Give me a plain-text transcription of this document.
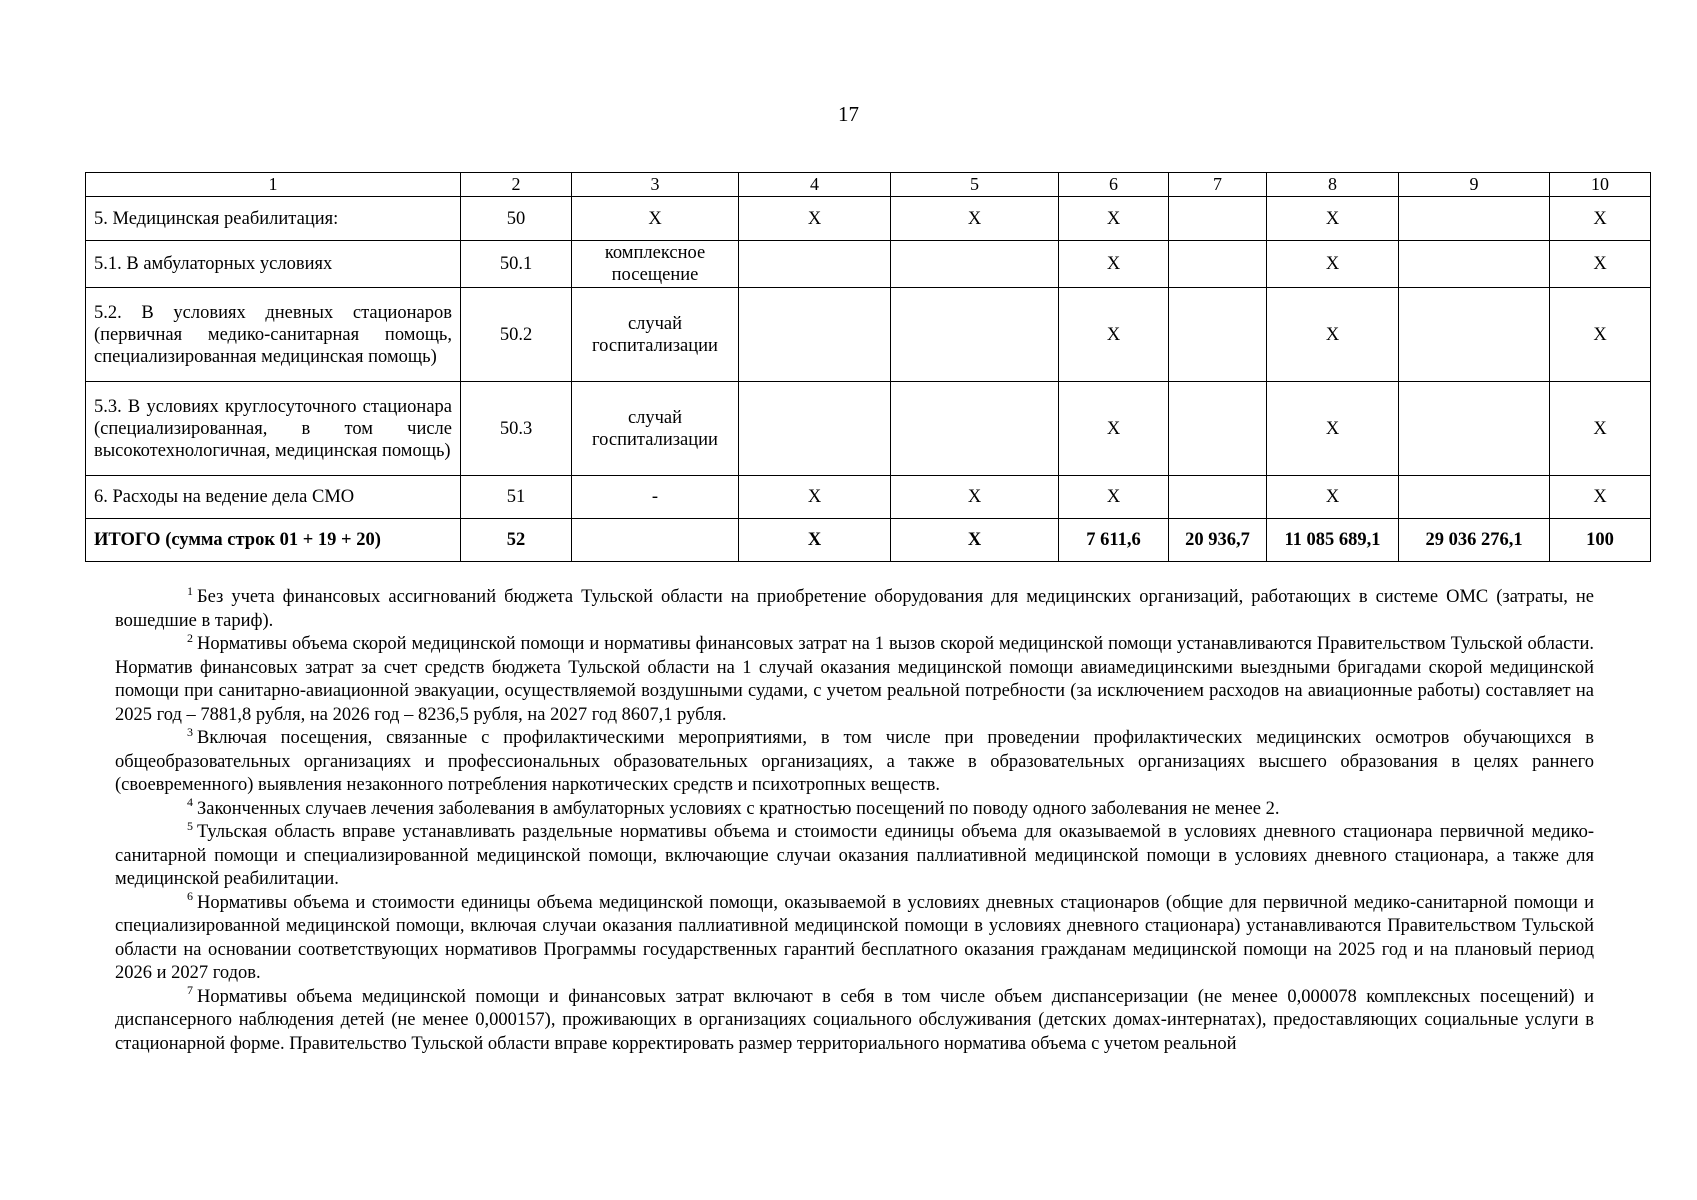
17
1	2	3	4	5	6	7	8	9	10
5. Медицинская реабилитация:	50	Х	Х	Х	Х		Х		Х
5.1. В амбулаторных условиях	50.1	комплексное посещение			Х		Х		Х
5.2. В условиях дневных стационаров (первичная медико-санитарная помощь, специализированная медицинская помощь)	50.2	случай госпитализации			Х		Х		Х
5.3. В условиях круглосуточного стационара (специализированная, в том числе высокотехнологичная, медицинская помощь)	50.3	случай госпитализации			Х		Х		Х
6. Расходы на ведение дела СМО	51	-	Х	Х	Х		Х		Х
ИТОГО (сумма строк 01 + 19 + 20)	52		Х	Х	7 611,6	20 936,7	11 085 689,1	29 036 276,1	100

$^1$ Без учета финансовых ассигнований бюджета Тульской области на приобретение оборудования для медицинских организаций, работающих в системе ОМС (затраты, не вошедшие в тариф).

$^2$ Нормативы объема скорой медицинской помощи и нормативы финансовых затрат на 1 вызов скорой медицинской помощи устанавливаются Правительством Тульской области. Норматив финансовых затрат за счет средств бюджета Тульской области на 1 случай оказания медицинской помощи авиамедицинскими выездными бригадами скорой медицинской помощи при санитарно-авиационной эвакуации, осуществляемой воздушными судами, с учетом реальной потребности (за исключением расходов на авиационные работы) составляет на 2025 год – 7881,8 рубля, на 2026 год – 8236,5 рубля, на 2027 год 8607,1 рубля.

$^3$ Включая посещения, связанные с профилактическими мероприятиями, в том числе при проведении профилактических медицинских осмотров обучающихся в общеобразовательных организациях и профессиональных образовательных организациях, а также в образовательных организациях высшего образования в целях раннего (своевременного) выявления незаконного потребления наркотических средств и психотропных веществ.

$^4$ Законченных случаев лечения заболевания в амбулаторных условиях с кратностью посещений по поводу одного заболевания не менее 2.

$^5$ Тульская область вправе устанавливать раздельные нормативы объема и стоимости единицы объема для оказываемой в условиях дневного стационара первичной медико-санитарной помощи и специализированной медицинской помощи, включающие случаи оказания паллиативной медицинской помощи в условиях дневного стационара, а также для медицинской реабилитации.

$^6$ Нормативы объема и стоимости единицы объема медицинской помощи, оказываемой в условиях дневных стационаров (общие для первичной медико-санитарной помощи и специализированной медицинской помощи, включая случаи оказания паллиативной медицинской помощи в условиях дневного стационара) устанавливаются Правительством Тульской области на основании соответствующих нормативов Программы государственных гарантий бесплатного оказания гражданам медицинской помощи на 2025 год и на плановый период 2026 и 2027 годов.

$^7$ Нормативы объема медицинской помощи и финансовых затрат включают в себя в том числе объем диспансеризации (не менее 0,000078 комплексных посещений) и диспансерного наблюдения детей (не менее 0,000157), проживающих в организациях социального обслуживания (детских домах-интернатах), предоставляющих социальные услуги в стационарной форме. Правительство Тульской области вправе корректировать размер территориального норматива объема с учетом реальной
